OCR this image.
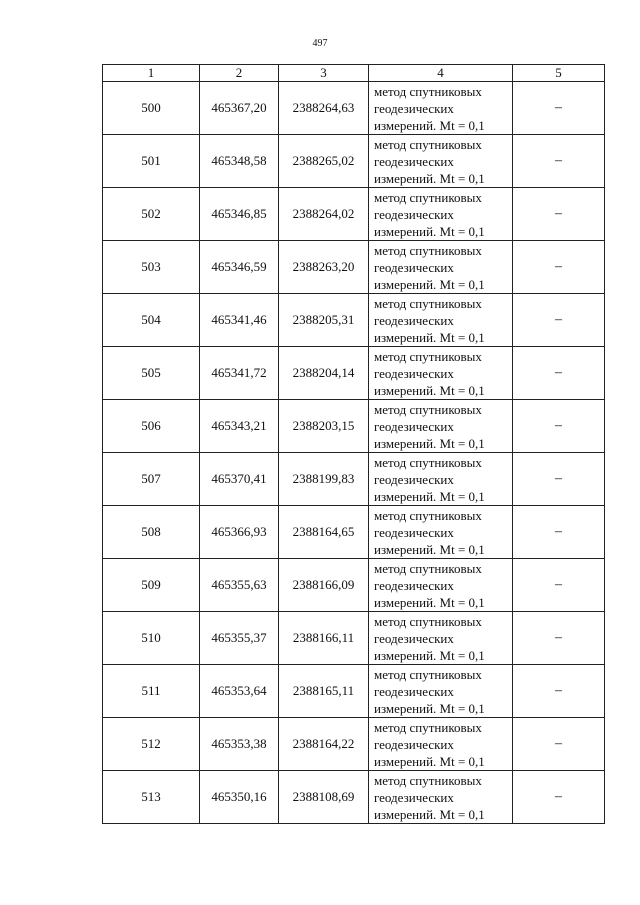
497
1	2	3	4	5
500	465367,20	2388264,63	метод спутниковых
геодезических
измерений. Mt = 0,1	–
501	465348,58	2388265,02	метод спутниковых
геодезических
измерений. Mt = 0,1	–
502	465346,85	2388264,02	метод спутниковых
геодезических
измерений. Mt = 0,1	–
503	465346,59	2388263,20	метод спутниковых
геодезических
измерений. Mt = 0,1	–
504	465341,46	2388205,31	метод спутниковых
геодезических
измерений. Mt = 0,1	–
505	465341,72	2388204,14	метод спутниковых
геодезических
измерений. Mt = 0,1	–
506	465343,21	2388203,15	метод спутниковых
геодезических
измерений. Mt = 0,1	–
507	465370,41	2388199,83	метод спутниковых
геодезических
измерений. Mt = 0,1	–
508	465366,93	2388164,65	метод спутниковых
геодезических
измерений. Mt = 0,1	–
509	465355,63	2388166,09	метод спутниковых
геодезических
измерений. Mt = 0,1	–
510	465355,37	2388166,11	метод спутниковых
геодезических
измерений. Mt = 0,1	–
511	465353,64	2388165,11	метод спутниковых
геодезических
измерений. Mt = 0,1	–
512	465353,38	2388164,22	метод спутниковых
геодезических
измерений. Mt = 0,1	–
513	465350,16	2388108,69	метод спутниковых
геодезических
измерений. Mt = 0,1	–
